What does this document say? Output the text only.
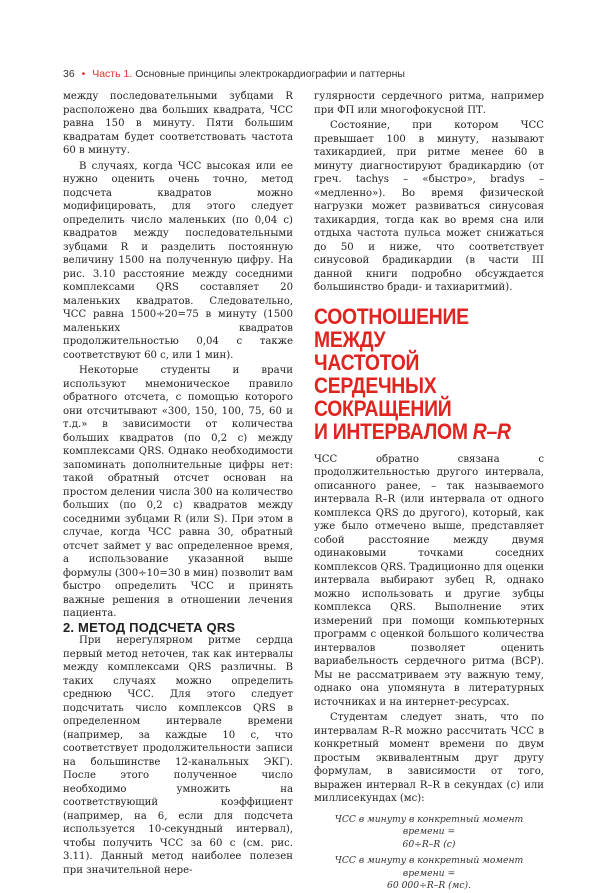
36 • Часть 1. Основные принципы электрокардиографии и паттерны

между последовательными зубцами R расположено два больших квадрата, ЧСС равна 150 в минуту. Пяти большим квадратам будет соответствовать частота 60 в минуту.

В случаях, когда ЧСС высокая или ее нужно оценить очень точно, метод подсчета квадратов можно модифицировать, для этого следует определить число маленьких (по 0,04 с) квадратов между последовательными зубцами R и разделить постоянную величину 1500 на полученную цифру. На рис. 3.10 расстояние между соседними комплексами QRS составляет 20 маленьких квадратов. Следовательно, ЧСС равна 1500÷20=75 в минуту (1500 маленьких квадратов продолжительностью 0,04 с также соответствуют 60 с, или 1 мин).

Некоторые студенты и врачи используют мнемоническое правило обратного отсчета, с помощью которого они отсчитывают «300, 150, 100, 75, 60 и т.д.» в зависимости от количества больших квадратов (по 0,2 с) между комплексами QRS. Однако необходимости запоминать дополнительные цифры нет: такой обратный отсчет основан на простом делении числа 300 на количество больших (по 0,2 с) квадратов между соседними зубцами R (или S). При этом в случае, когда ЧСС равна 30, обратный отсчет займет у вас определенное время, а использование указанной выше формулы (300÷10=30 в мин) позволит вам быстро определить ЧСС и принять важные решения в отношении лечения пациента.

2. МЕТОД ПОДСЧЕТА QRS

При нерегулярном ритме сердца первый метод неточен, так как интервалы между комплексами QRS различны. В таких случаях можно определить среднюю ЧСС. Для этого следует подсчитать число комплексов QRS в определенном интервале времени (например, за каждые 10 с, что соответствует продолжительности записи на большинстве 12-канальных ЭКГ). После этого полученное число необходимо умножить на соответствующий коэффициент (например, на 6, если для подсчета используется 10-секундный интервал), чтобы получить ЧСС за 60 с (см. рис. 3.11). Данный метод наиболее полезен при значительной нере-

гулярности сердечного ритма, например при ФП или многофокусной ПТ.

Состояние, при котором ЧСС превышает 100 в минуту, называют тахикардией, при ритме менее 60 в минуту диагностируют брадикардию (от греч. tachys – «быстро», bradys – «медленно»). Во время физической нагрузки может развиваться синусовая тахикардия, тогда как во время сна или отдыха частота пульса может снижаться до 50 и ниже, что соответствует синусовой брадикардии (в части III данной книги подробно обсуждается большинство бради- и тахиаритмий).

СООТНОШЕНИЕ МЕЖДУ
ЧАСТОТОЙ СЕРДЕЧНЫХ
СОКРАЩЕНИЙ
И ИНТЕРВАЛОМ R–R

ЧСС обратно связана с продолжительностью другого интервала, описанного ранее, – так называемого интервала R–R (или интервала от одного комплекса QRS до другого), который, как уже было отмечено выше, представляет собой расстояние между двумя одинаковыми точками соседних комплексов QRS. Традиционно для оценки интервала выбирают зубец R, однако можно использовать и другие зубцы комплекса QRS. Выполнение этих измерений при помощи компьютерных программ с оценкой большого количества интервалов позволяет оценить вариабельность сердечного ритма (ВСР). Мы не рассматриваем эту важную тему, однако она упомянута в литературных источниках и на интернет-ресурсах.

Студентам следует знать, что по интервалам R–R можно рассчитать ЧСС в конкретный момент времени по двум простым эквивалентным друг другу формулам, в зависимости от того, выражен интервал R–R в секундах (с) или миллисекундах (мс):

ЧСС в минуту в конкретный момент времени =
60÷R–R (с)
ЧСС в минуту в конкретный момент времени =
60 000÷R–R (мс).
